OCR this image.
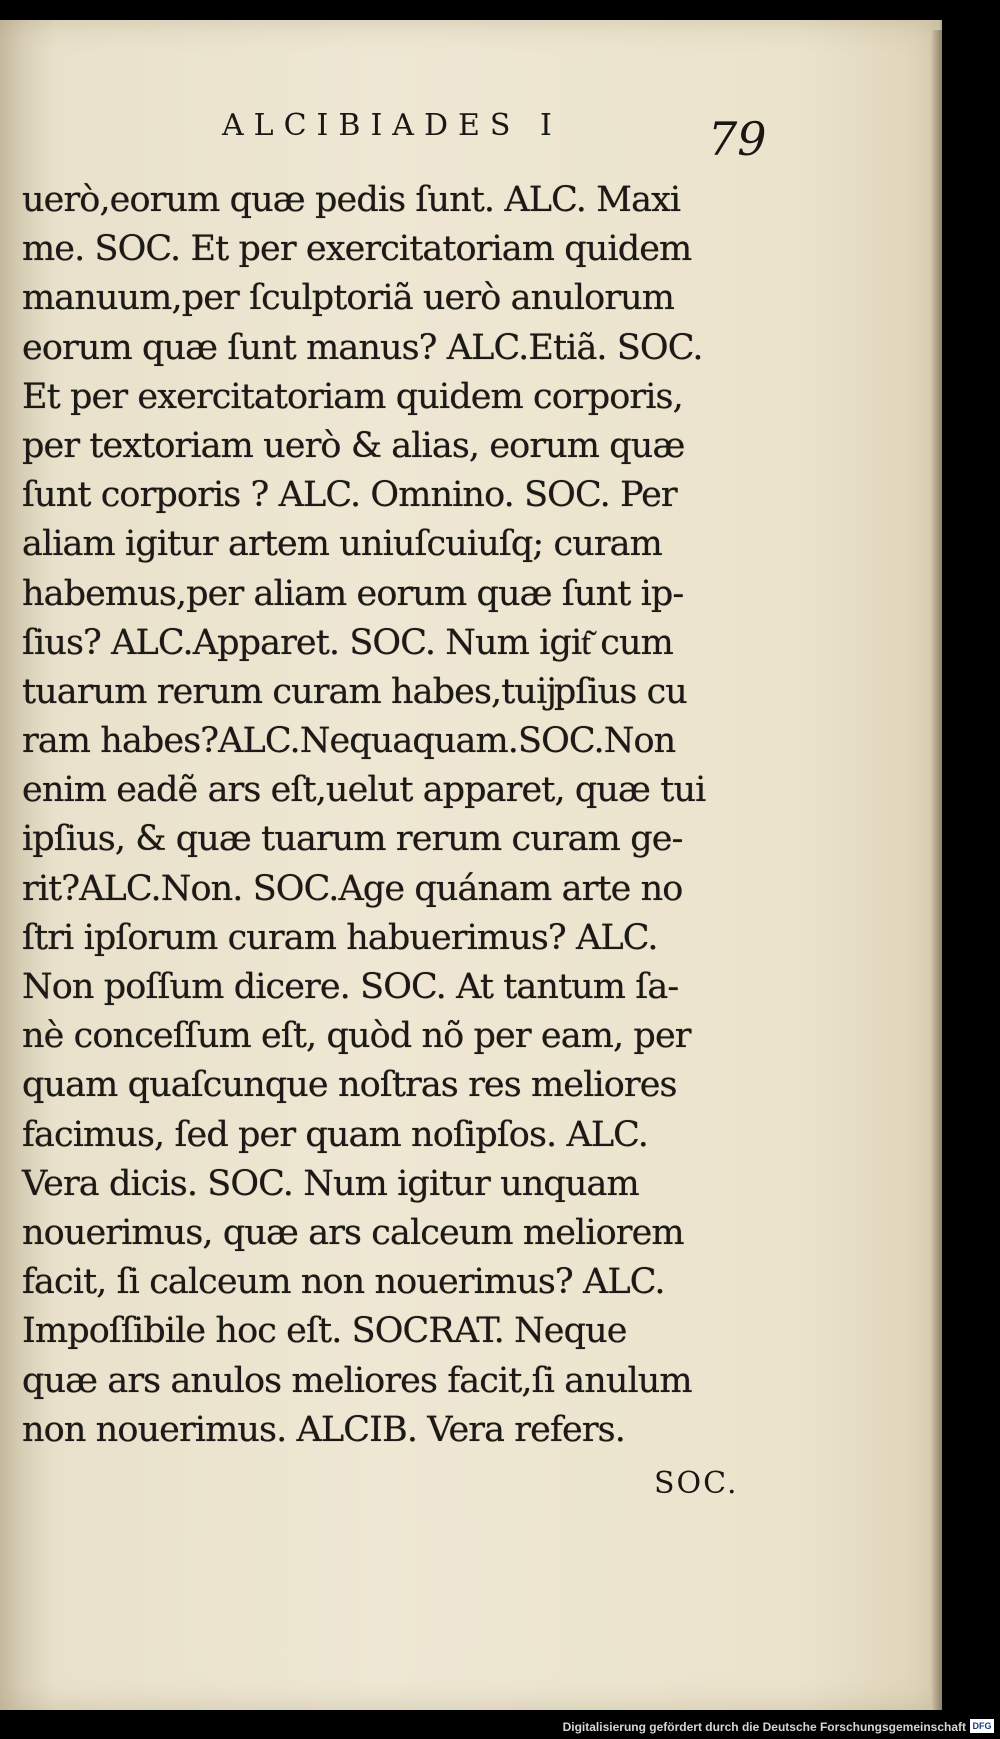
ALCIBIADES I	79
uerò,eorum quæ pedis ſunt. ALC. Maxi
me. SOC. Et per exercitatoriam quidem
manuum,per ſculptoriã uerò anulorum
eorum quæ ſunt manus? ALC.Etiã. SOC.
Et per exercitatoriam quidem corporis,
per textoriam uerò & alias, eorum quæ
ſunt corporis ? ALC. Omnino. SOC. Per
aliam igitur artem uniuſcuiuſq; curam
habemus,per aliam eorum quæ ſunt ip-
ſius? ALC.Apparet. SOC. Num igit͂ cum
tuarum rerum curam habes,tuĳpſius cu
ram habes?ALC.Nequaquam.SOC.Non
enim eadẽ ars eſt,uelut apparet, quæ tui
ipſius, & quæ tuarum rerum curam ge-
rit?ALC.Non. SOC.Age quánam arte no
ſtri ipſorum curam habuerimus? ALC.
Non poſſum dicere. SOC. At tantum ſa-
nè conceſſum eſt, quòd nõ per eam, per
quam quaſcunque noſtras res meliores
facimus, ſed per quam noſipſos. ALC.
Vera dicis. SOC. Num igitur unquam
nouerimus, quæ ars calceum meliorem
facit, ſi calceum non nouerimus? ALC.
Impoſſibile hoc eſt. SOCRAT. Neque
quæ ars anulos meliores facit,ſi anulum
non nouerimus. ALCIB. Vera refers.
SOC.
Digitalisierung gefördert durch die Deutsche Forschungsgemeinschaft DFG
